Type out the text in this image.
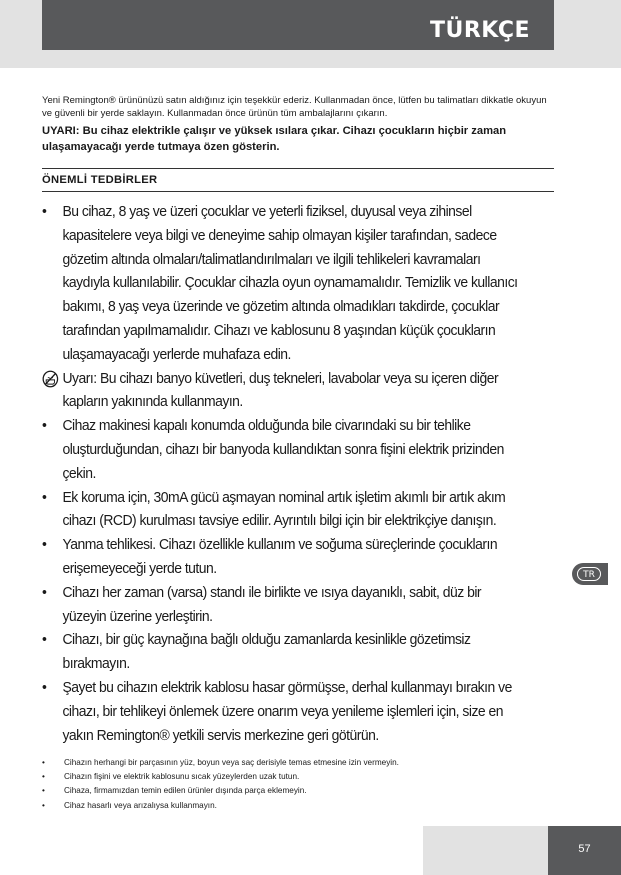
TÜRKÇE
Yeni Remington® ürününüzü satın aldığınız için teşekkür ederiz. Kullanmadan önce, lütfen bu talimatları dikkatle okuyun ve güvenli bir yerde saklayın. Kullanmadan önce ürünün tüm ambalajlarını çıkarın.
UYARI: Bu cihaz elektrikle çalışır ve yüksek ısılara çıkar. Cihazı çocukların hiçbir zaman ulaşamayacağı yerde tutmaya özen gösterin.
ÖNEMLİ TEDBİRLER
•	Bu cihaz, 8 yaş ve üzeri çocuklar ve yeterli fiziksel, duyusal veya zihinsel kapasitelere veya bilgi ve deneyime sahip olmayan kişiler tarafından, sadece gözetim altında olmaları/talimatlandırılmaları ve ilgili tehlikeleri kavramaları kaydıyla kullanılabilir. Çocuklar cihazla oyun oynamamalıdır. Temizlik ve kullanıcı bakımı, 8 yaş veya üzerinde ve gözetim altında olmadıkları takdirde, çocuklar tarafından yapılmamalıdır. Cihazı ve kablosunu 8 yaşından küçük çocukların ulaşamayacağı yerlerde muhafaza edin.
Uyarı: Bu cihazı banyo küvetleri, duş tekneleri, lavabolar veya su içeren diğer kapların yakınında kullanmayın.
•	Cihaz makinesi kapalı konumda olduğunda bile civarındaki su bir tehlike oluşturduğundan, cihazı bir banyoda kullandıktan sonra fişini elektrik prizinden çekin.
•	Ek koruma için, 30mA gücü aşmayan nominal artık işletim akımlı bir artık akım cihazı (RCD) kurulması tavsiye edilir. Ayrıntılı bilgi için bir elektrikçiye danışın.
•	Yanma tehlikesi. Cihazı özellikle kullanım ve soğuma süreçlerinde çocukların erişemeyeceği yerde tutun.
•	Cihazı her zaman (varsa) standı ile birlikte ve ısıya dayanıklı, sabit, düz bir yüzeyin üzerine yerleştirin.
•	Cihazı, bir güç kaynağına bağlı olduğu zamanlarda kesinlikle gözetimsiz bırakmayın.
•	Şayet bu cihazın elektrik kablosu hasar görmüşse, derhal kullanmayı bırakın ve cihazı, bir tehlikeyi önlemek üzere onarım veya yenileme işlemleri için, size en yakın Remington® yetkili servis merkezine geri götürün.
• Cihazın herhangi bir parçasının yüz, boyun veya saç derisiyle temas etmesine izin vermeyin.
• Cihazın fişini ve elektrik kablosunu sıcak yüzeylerden uzak tutun.
• Cihaza, firmamızdan temin edilen ürünler dışında parça eklemeyin.
• Cihaz hasarlı veya arızalıysa kullanmayın.
TR
57
